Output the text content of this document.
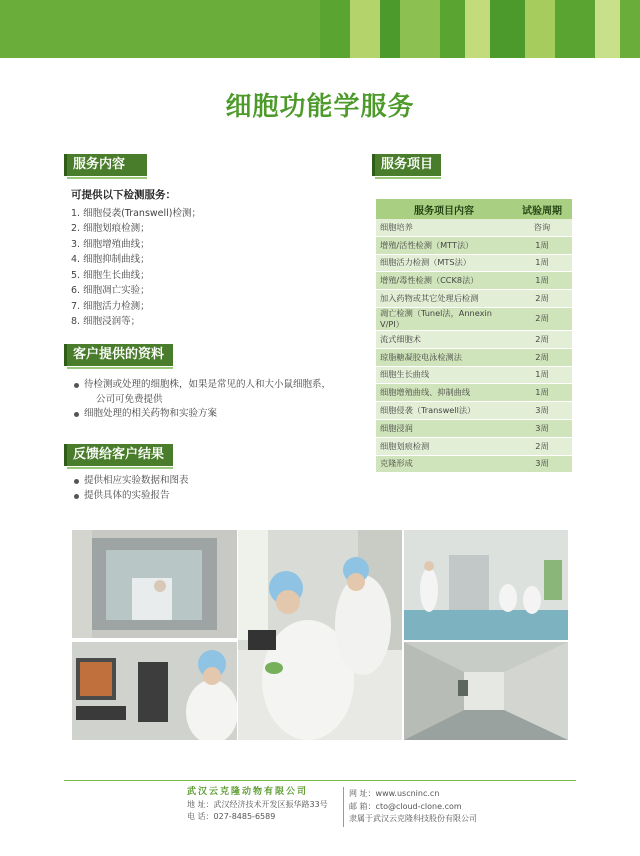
细胞功能学服务
服务内容
可提供以下检测服务：
1. 细胞侵袭(Transwell)检测；
2. 细胞划痕检测；
3. 细胞增殖曲线；
4. 细胞抑制曲线；
5. 细胞生长曲线；
6. 细胞凋亡实验；
7. 细胞活力检测；
8. 细胞浸润等；
客户提供的资料
待检测或处理的细胞株，如果是常见的人和大小鼠细胞系，
公司可免费提供
细胞处理的相关药物和实验方案
反馈给客户结果
提供相应实验数据和图表
提供具体的实验报告
服务项目
服务项目内容	试验周期
细胞培养	咨询
增殖/活性检测（MTT法）	1周
细胞活力检测（MTS法）	1周
增殖/毒性检测（CCK8法）	1周
加入药物或其它处理后检测	2周
凋亡检测（Tunel法，Annexin V/PI）	2周
流式细胞术	2周
琼脂糖凝胶电泳检测法	2周
细胞生长曲线	1周
细胞增殖曲线、抑制曲线	1周
细胞侵袭（Transwell法）	3周
细胞浸润	3周
细胞划痕检测	2周
克隆形成	3周
武汉云克隆动物有限公司
地 址：武汉经济技术开发区振华路33号
电 话：027-8485-6589
网 址：www.uscninc.cn
邮 箱：cto@cloud-clone.com
隶属于武汉云克隆科技股份有限公司
